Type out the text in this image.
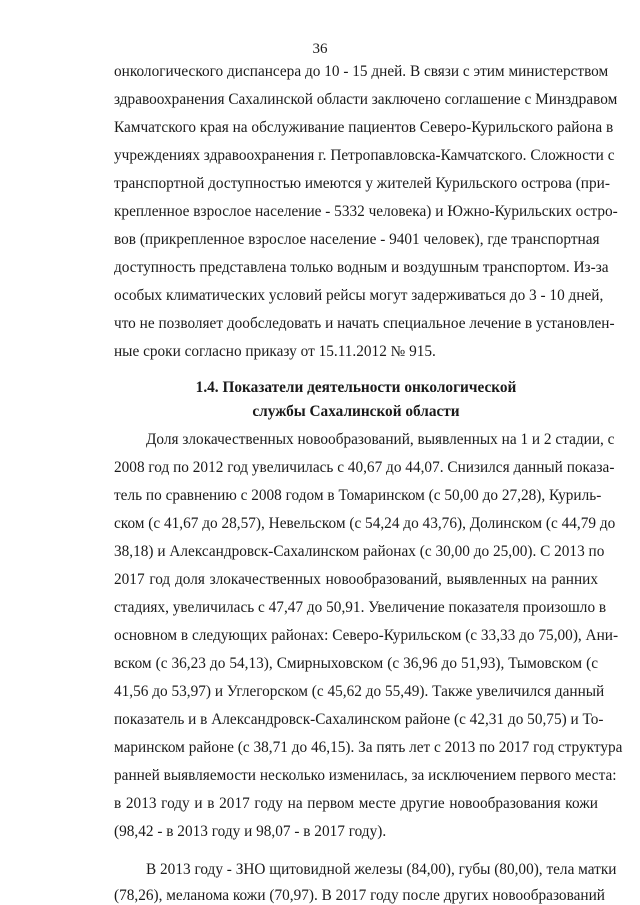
36
онкологического диспансера до 10 - 15 дней. В связи с этим министерством
здравоохранения Сахалинской области заключено соглашение с Минздравом
Камчатского края на обслуживание пациентов Северо-Курильского района в
учреждениях здравоохранения г. Петропавловска-Камчатского. Сложности с
транспортной доступностью имеются у жителей Курильского острова (при-
крепленное взрослое население - 5332 человека) и Южно-Курильских остро-
вов (прикрепленное взрослое население - 9401 человек), где транспортная
доступность представлена только водным и воздушным транспортом. Из-за
особых климатических условий рейсы могут задерживаться до 3 - 10 дней,
что не позволяет дообследовать и начать специальное лечение в установлен-
ные сроки согласно приказу от 15.11.2012 № 915.
1.4. Показатели деятельности онкологической
службы Сахалинской области
Доля злокачественных новообразований, выявленных на 1 и 2 стадии, с
2008 год по 2012 год увеличилась с 40,67 до 44,07. Снизился данный показа-
тель по сравнению с 2008 годом в Томаринском (с 50,00 до 27,28), Куриль-
ском (с 41,67 до 28,57), Невельском (с 54,24 до 43,76), Долинском (с 44,79 до
38,18) и Александровск-Сахалинском районах (с 30,00 до 25,00). С 2013 по
2017 год доля злокачественных новообразований, выявленных на ранних
стадиях, увеличилась с 47,47 до 50,91. Увеличение показателя произошло в
основном в следующих районах: Северо-Курильском (с 33,33 до 75,00), Ани-
вском (с 36,23 до 54,13), Смирныховском (с 36,96 до 51,93), Тымовском (с
41,56 до 53,97) и Углегорском (с 45,62 до 55,49). Также увеличился данный
показатель и в Александровск-Сахалинском районе (с 42,31 до 50,75) и То-
маринском районе (с 38,71 до 46,15). За пять лет с 2013 по 2017 год структура
ранней выявляемости несколько изменилась, за исключением первого места:
в 2013 году и в 2017 году на первом месте другие новообразования кожи
(98,42 - в 2013 году и 98,07 - в 2017 году).
В 2013 году - ЗНО щитовидной железы (84,00), губы (80,00), тела матки
(78,26), меланома кожи (70,97). В 2017 году после других новообразований
